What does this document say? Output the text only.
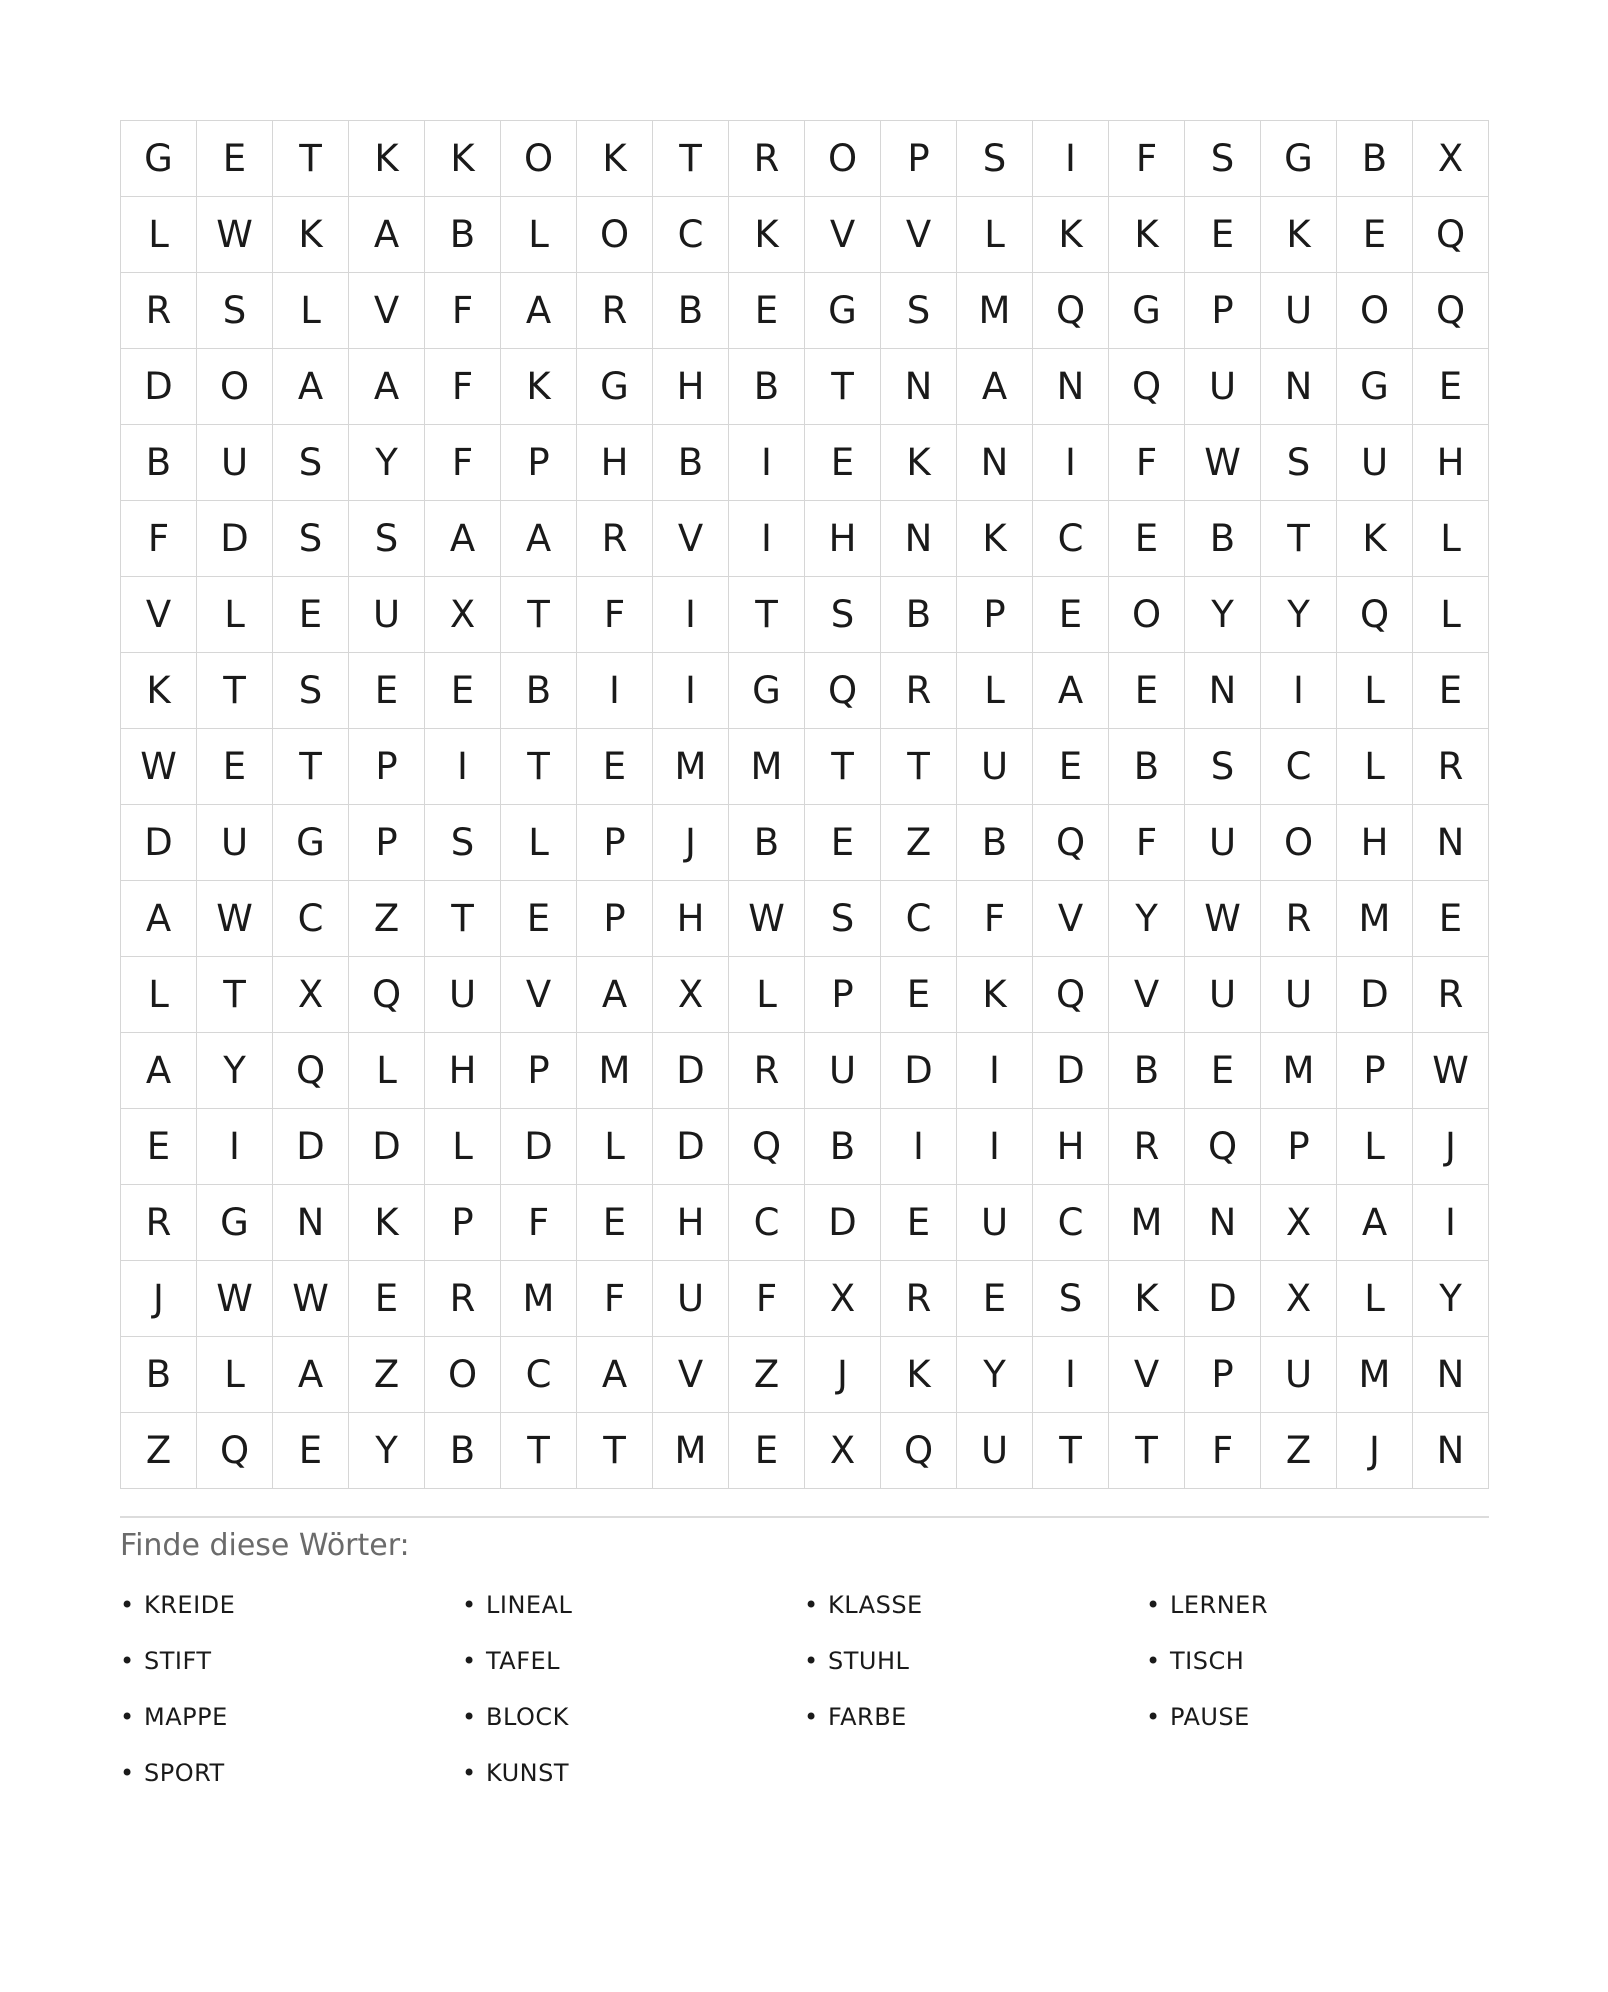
G	E	T	K	K	O	K	T	R	O	P	S	I	F	S	G	B	X
L	W	K	A	B	L	O	C	K	V	V	L	K	K	E	K	E	Q
R	S	L	V	F	A	R	B	E	G	S	M	Q	G	P	U	O	Q
D	O	A	A	F	K	G	H	B	T	N	A	N	Q	U	N	G	E
B	U	S	Y	F	P	H	B	I	E	K	N	I	F	W	S	U	H
F	D	S	S	A	A	R	V	I	H	N	K	C	E	B	T	K	L
V	L	E	U	X	T	F	I	T	S	B	P	E	O	Y	Y	Q	L
K	T	S	E	E	B	I	I	G	Q	R	L	A	E	N	I	L	E
W	E	T	P	I	T	E	M	M	T	T	U	E	B	S	C	L	R
D	U	G	P	S	L	P	J	B	E	Z	B	Q	F	U	O	H	N
A	W	C	Z	T	E	P	H	W	S	C	F	V	Y	W	R	M	E
L	T	X	Q	U	V	A	X	L	P	E	K	Q	V	U	U	D	R
A	Y	Q	L	H	P	M	D	R	U	D	I	D	B	E	M	P	W
E	I	D	D	L	D	L	D	Q	B	I	I	H	R	Q	P	L	J
R	G	N	K	P	F	E	H	C	D	E	U	C	M	N	X	A	I
J	W	W	E	R	M	F	U	F	X	R	E	S	K	D	X	L	Y
B	L	A	Z	O	C	A	V	Z	J	K	Y	I	V	P	U	M	N
Z	Q	E	Y	B	T	T	M	E	X	Q	U	T	T	F	Z	J	N
Finde diese Wörter:
• KREIDE	• LINEAL	• KLASSE	• LERNER
• STIFT	• TAFEL	• STUHL	• TISCH
• MAPPE	• BLOCK	• FARBE	• PAUSE
• SPORT	• KUNST
